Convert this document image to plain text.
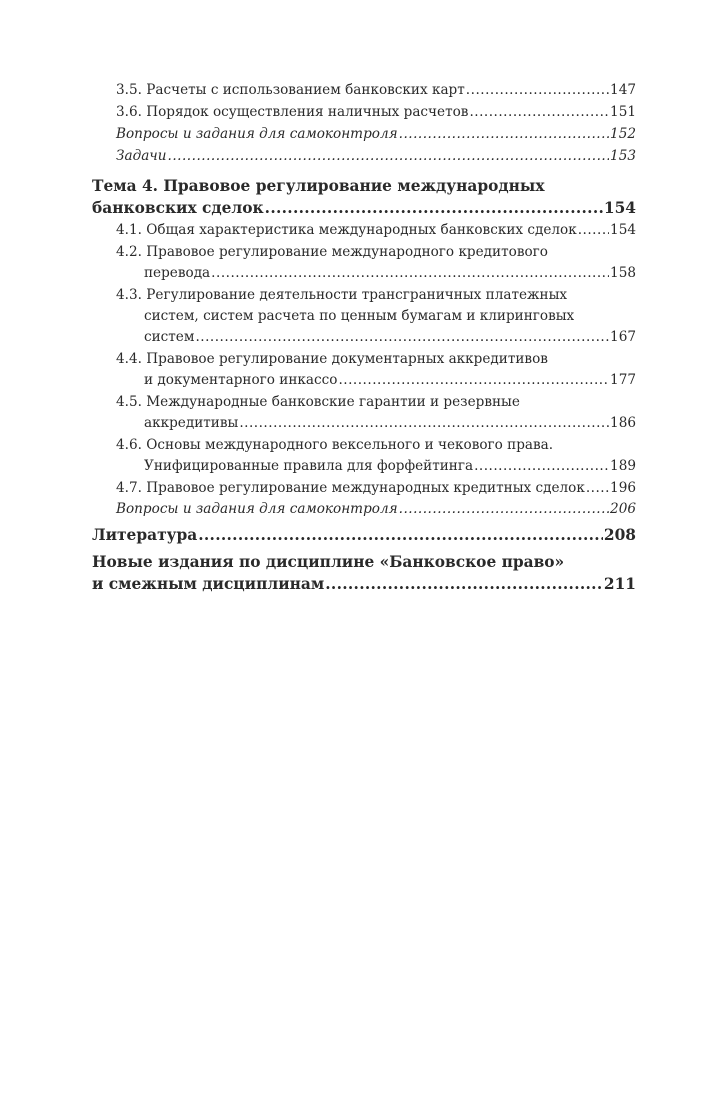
3.5. Расчеты с использованием банковских карт .....	147
3.6. Порядок осуществления наличных расчетов .....	151
Вопросы и задания для самоконтроля .....	152
Задачи .....	153
Тема 4. Правовое регулирование международных
банковских сделок .....	154
4.1. Общая характеристика международных банковских сделок ..... 154
4.2. Правовое регулирование международного кредитового
перевода .....	158
4.3. Регулирование деятельности трансграничных платежных
систем, систем расчета по ценным бумагам и клиринговых
систем .....	167
4.4. Правовое регулирование документарных аккредитивов
и документарного инкассо .....	177
4.5. Международные банковские гарантии и резервные
аккредитивы .....	186
4.6. Основы международного вексельного и чекового права.
Унифицированные правила для форфейтинга .....	189
4.7. Правовое регулирование международных кредитных сделок ..... 196
Вопросы и задания для самоконтроля .....	206
Литература .....	208
Новые издания по дисциплине «Банковское право»
и смежным дисциплинам .....	211
